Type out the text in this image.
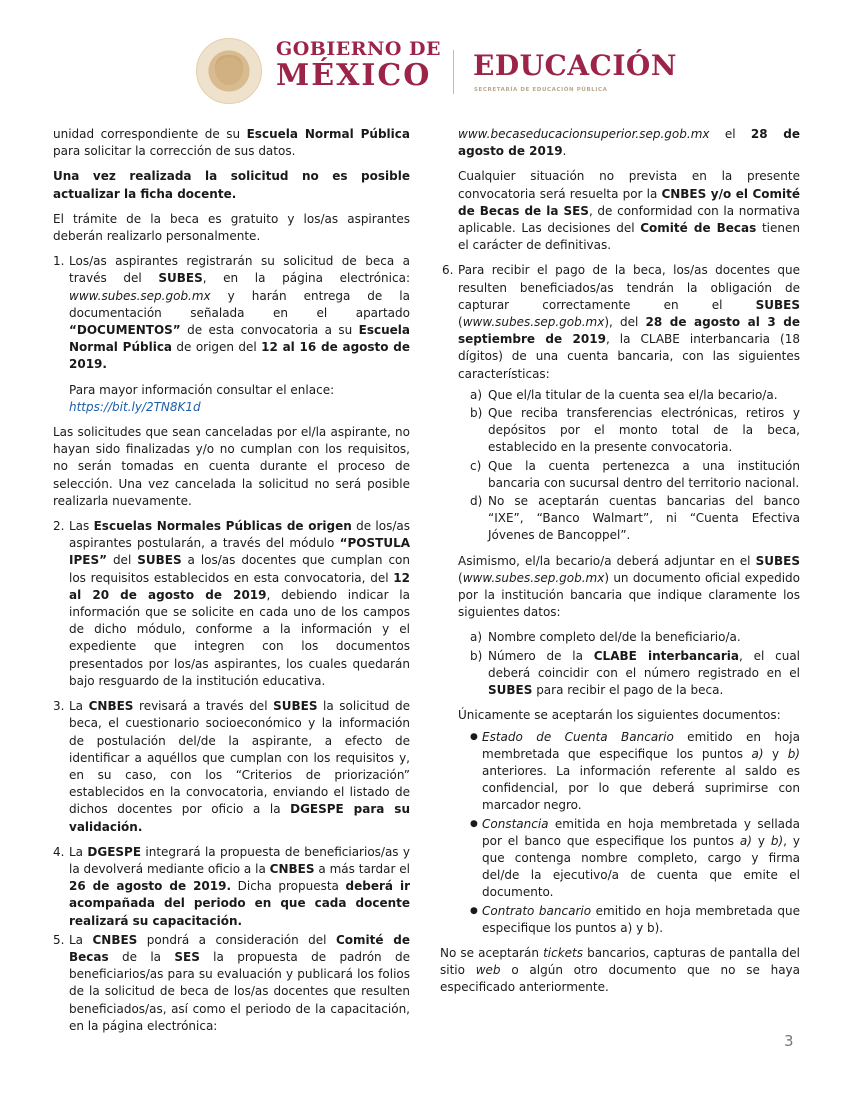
GOBIERNO DE
MÉXICO	EDUCACIÓN
SECRETARÍA DE EDUCACIÓN PÚBLICA

unidad correspondiente de su Escuela Normal Pública para solicitar la corrección de sus datos.

Una vez realizada la solicitud no es posible actualizar la ficha docente.

El trámite de la beca es gratuito y los/as aspirantes deberán realizarlo personalmente.

1. Los/as aspirantes registrarán su solicitud de beca a través del SUBES, en la página electrónica: www.subes.sep.gob.mx y harán entrega de la documentación señalada en el apartado “DOCUMENTOS” de esta convocatoria a su Escuela Normal Pública de origen del 12 al 16 de agosto de 2019.

Para mayor información consultar el enlace:
https://bit.ly/2TN8K1d

Las solicitudes que sean canceladas por el/la aspirante, no hayan sido finalizadas y/o no cumplan con los requisitos, no serán tomadas en cuenta durante el proceso de selección. Una vez cancelada la solicitud no será posible realizarla nuevamente.

2. Las Escuelas Normales Públicas de origen de los/as aspirantes postularán, a través del módulo “POSTULA IPES” del SUBES a los/as docentes que cumplan con los requisitos establecidos en esta convocatoria, del 12 al 20 de agosto de 2019, debiendo indicar la información que se solicite en cada uno de los campos de dicho módulo, conforme a la información y el expediente que integren con los documentos presentados por los/as aspirantes, los cuales quedarán bajo resguardo de la institución educativa.
3. La CNBES revisará a través del SUBES la solicitud de beca, el cuestionario socioeconómico y la información de postulación del/de la aspirante, a efecto de identificar a aquéllos que cumplan con los requisitos y, en su caso, con los “Criterios de priorización” establecidos en la convocatoria, enviando el listado de dichos docentes por oficio a la DGESPE para su validación.
4. La DGESPE integrará la propuesta de beneficiarios/as y la devolverá mediante oficio a la CNBES a más tardar el 26 de agosto de 2019. Dicha propuesta deberá ir acompañada del periodo en que cada docente realizará su capacitación.
5. La CNBES pondrá a consideración del Comité de Becas de la SES la propuesta de padrón de beneficiarios/as para su evaluación y publicará los folios de la solicitud de beca de los/as docentes que resulten beneficiados/as, así como el periodo de la capacitación, en la página electrónica:

www.becaseducacionsuperior.sep.gob.mx el 28 de agosto de 2019.

Cualquier situación no prevista en la presente convocatoria será resuelta por la CNBES y/o el Comité de Becas de la SES, de conformidad con la normativa aplicable. Las decisiones del Comité de Becas tienen el carácter de definitivas.

6. Para recibir el pago de la beca, los/as docentes que resulten beneficiados/as tendrán la obligación de capturar correctamente en el SUBES (www.subes.sep.gob.mx), del 28 de agosto al 3 de septiembre de 2019, la CLABE interbancaria (18 dígitos) de una cuenta bancaria, con las siguientes características:
a) Que el/la titular de la cuenta sea el/la becario/a.
b) Que reciba transferencias electrónicas, retiros y depósitos por el monto total de la beca, establecido en la presente convocatoria.
c) Que la cuenta pertenezca a una institución bancaria con sucursal dentro del territorio nacional.
d) No se aceptarán cuentas bancarias del banco “IXE”, “Banco Walmart”, ni “Cuenta Efectiva Jóvenes de Bancoppel”.

Asimismo, el/la becario/a deberá adjuntar en el SUBES (www.subes.sep.gob.mx) un documento oficial expedido por la institución bancaria que indique claramente los siguientes datos:

a) Nombre completo del/de la beneficiario/a.
b) Número de la CLABE interbancaria, el cual deberá coincidir con el número registrado en el SUBES para recibir el pago de la beca.

Únicamente se aceptarán los siguientes documentos:

● Estado de Cuenta Bancario emitido en hoja membretada que especifique los puntos a) y b) anteriores. La información referente al saldo es confidencial, por lo que deberá suprimirse con marcador negro.
● Constancia emitida en hoja membretada y sellada por el banco que especifique los puntos a) y b), y que contenga nombre completo, cargo y firma del/de la ejecutivo/a de cuenta que emite el documento.
● Contrato bancario emitido en hoja membretada que especifique los puntos a) y b).

No se aceptarán tickets bancarios, capturas de pantalla del sitio web o algún otro documento que no se haya especificado anteriormente.

3
